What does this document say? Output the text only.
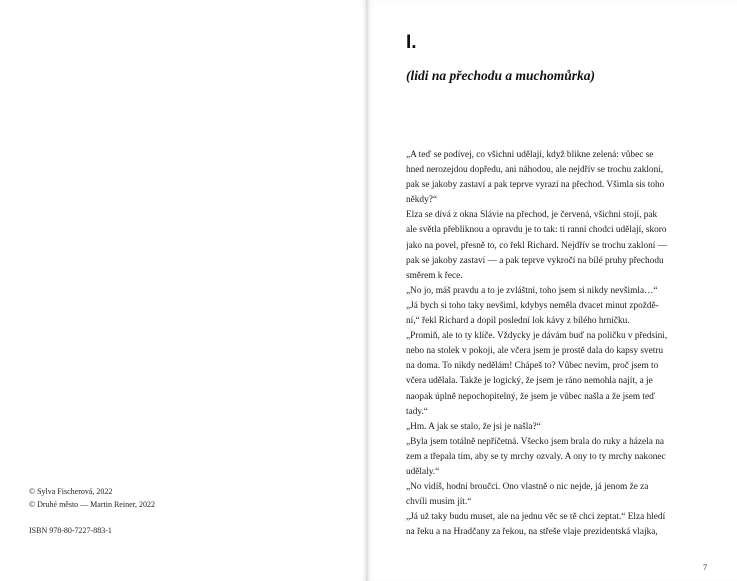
© Sylva Fischerová, 2022
© Druhé město — Martin Reiner, 2022
ISBN 978-80-7227-883-1
I.
(lidi na přechodu a muchomůrka)
„A teď se podívej, co všichni udělají, když blikne zelená: vůbec se
hned nerozejdou dopředu, ani náhodou, ale nejdřív se trochu zakloní,
pak se jakoby zastaví a pak teprve vyrazí na přechod. Všimla sis toho
někdy?“
Elza se dívá z okna Slávie na přechod, je červená, všichni stojí, pak
ale světla přebliknou a opravdu je to tak: ti ranní chodci udělají, skoro
jako na povel, přesně to, co řekl Richard. Nejdřív se trochu zakloní —
pak se jakoby zastaví — a pak teprve vykročí na bílé pruhy přechodu
směrem k řece.
„No jo, máš pravdu a to je zvláštní, toho jsem si nikdy nevšimla…“
„Já bych si toho taky nevšiml, kdybys neměla dvacet minut zpoždě-
ní,“ řekl Richard a dopil poslední lok kávy z bílého hrníčku.
„Promiň, ale to ty klíče. Vždycky je dávám buď na poličku v předsíni,
nebo na stolek v pokoji, ale včera jsem je prostě dala do kapsy svetru
na doma. To nikdy nedělám! Chápeš to? Vůbec nevím, proč jsem to
včera udělala. Takže je logický, že jsem je ráno nemohla najít, a je
naopak úplně nepochopitelný, že jsem je vůbec našla a že jsem teď
tady.“
„Hm. A jak se stalo, že jsi je našla?“
„Byla jsem totálně nepříčetná. Všecko jsem brala do ruky a házela na
zem a třepala tím, aby se ty mrchy ozvaly. A ony to ty mrchy nakonec
udělaly.“
„No vidíš, hodní broučci. Ono vlastně o nic nejde, já jenom že za
chvíli musím jít.“
„Já už taky budu muset, ale na jednu věc se tě chci zeptat.“ Elza hledí
na řeku a na Hradčany za řekou, na střeše vlaje prezidentská vlajka,
7
